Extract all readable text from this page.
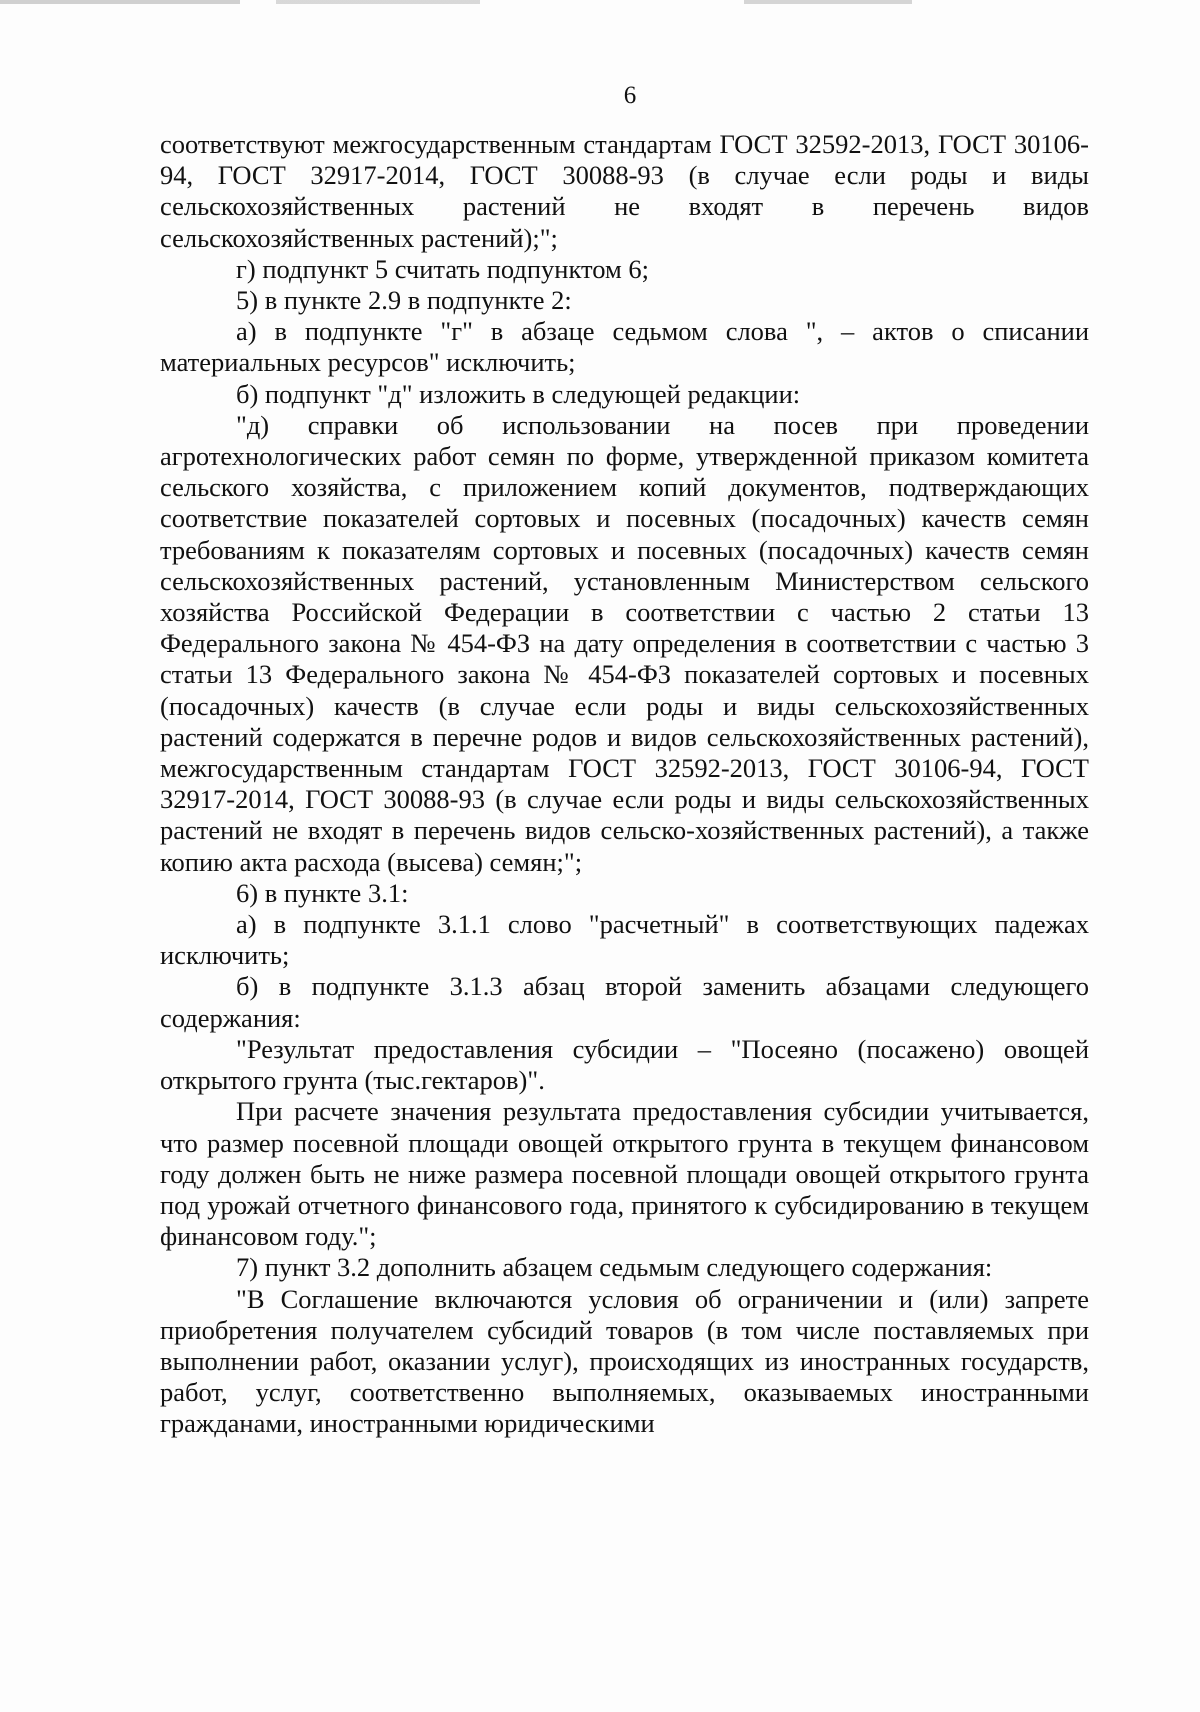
6

соответствуют межгосударственным стандартам ГОСТ 32592-2013, ГОСТ 30106-94, ГОСТ 32917-2014, ГОСТ 30088-93 (в случае если роды и виды сельскохозяйственных растений не входят в перечень видов сельскохозяйственных растений);";

г) подпункт 5 считать подпунктом 6;

5) в пункте 2.9 в подпункте 2:

а) в подпункте "г" в абзаце седьмом слова ", – актов о списании материальных ресурсов" исключить;

б) подпункт "д" изложить в следующей редакции:

"д) справки об использовании на посев при проведении агротехнологических работ семян по форме, утвержденной приказом комитета сельского хозяйства, с приложением копий документов, подтверждающих соответствие показателей сортовых и посевных (посадочных) качеств семян требованиям к показателям сортовых и посевных (посадочных) качеств семян сельскохозяйственных растений, установленным Министерством сельского хозяйства Российской Федерации в соответствии с частью 2 статьи 13 Федерального закона № 454-ФЗ на дату определения в соответствии с частью 3 статьи 13 Федерального закона № 454-ФЗ показателей сортовых и посевных (посадочных) качеств (в случае если роды и виды сельскохозяйственных растений содержатся в перечне родов и видов сельскохозяйственных растений), межгосударственным стандартам ГОСТ 32592-2013, ГОСТ 30106-94, ГОСТ 32917-2014, ГОСТ 30088-93 (в случае если роды и виды сельскохозяйственных растений не входят в перечень видов сельско-хозяйственных растений), а также копию акта расхода (высева) семян;";

6) в пункте 3.1:

а) в подпункте 3.1.1 слово "расчетный" в соответствующих падежах исключить;

б) в подпункте 3.1.3 абзац второй заменить абзацами следующего содержания:

"Результат предоставления субсидии – "Посеяно (посажено) овощей открытого грунта (тыс.гектаров)".

При расчете значения результата предоставления субсидии учитывается, что размер посевной площади овощей открытого грунта в текущем финансовом году должен быть не ниже размера посевной площади овощей открытого грунта под урожай отчетного финансового года, принятого к субсидированию в текущем финансовом году.";

7) пункт 3.2 дополнить абзацем седьмым следующего содержания:

"В Соглашение включаются условия об ограничении и (или) запрете приобретения получателем субсидий товаров (в том числе поставляемых при выполнении работ, оказании услуг), происходящих из иностранных государств, работ, услуг, соответственно выполняемых, оказываемых иностранными гражданами, иностранными юридическими
